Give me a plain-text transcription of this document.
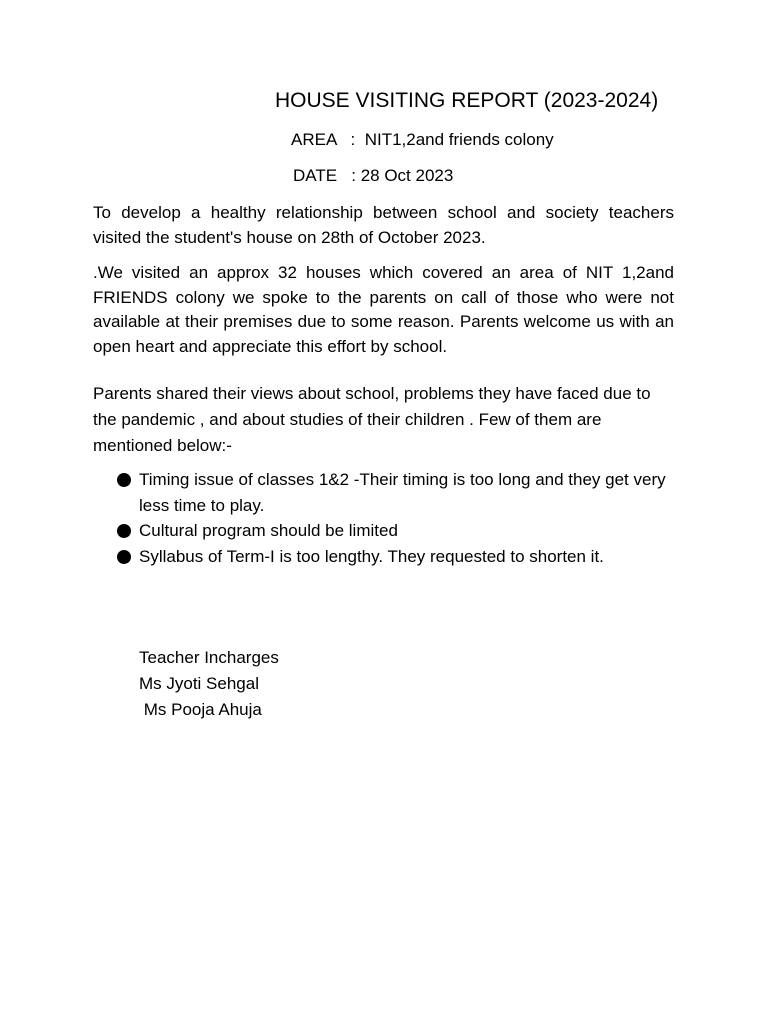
HOUSE VISITING REPORT (2023-2024)
AREA   :  NIT1,2and friends colony
DATE   : 28 Oct 2023

To develop a healthy relationship between school and society teachers visited the student's house on 28th of October 2023.

.We visited an approx 32 houses which covered an area of NIT 1,2and FRIENDS colony we spoke to the parents on call of those who were not available at their premises due to some reason. Parents welcome us with an open heart and appreciate this effort by school.

Parents shared their views about school, problems they have faced due to the pandemic , and about studies of their children . Few of them are mentioned below:-

Timing issue of classes 1&2 -Their timing is too long and they get very less time to play.
Cultural program should be limited
Syllabus of Term-I is too lengthy. They requested to shorten it.
Teacher Incharges
Ms Jyoti Sehgal
Ms Pooja Ahuja
